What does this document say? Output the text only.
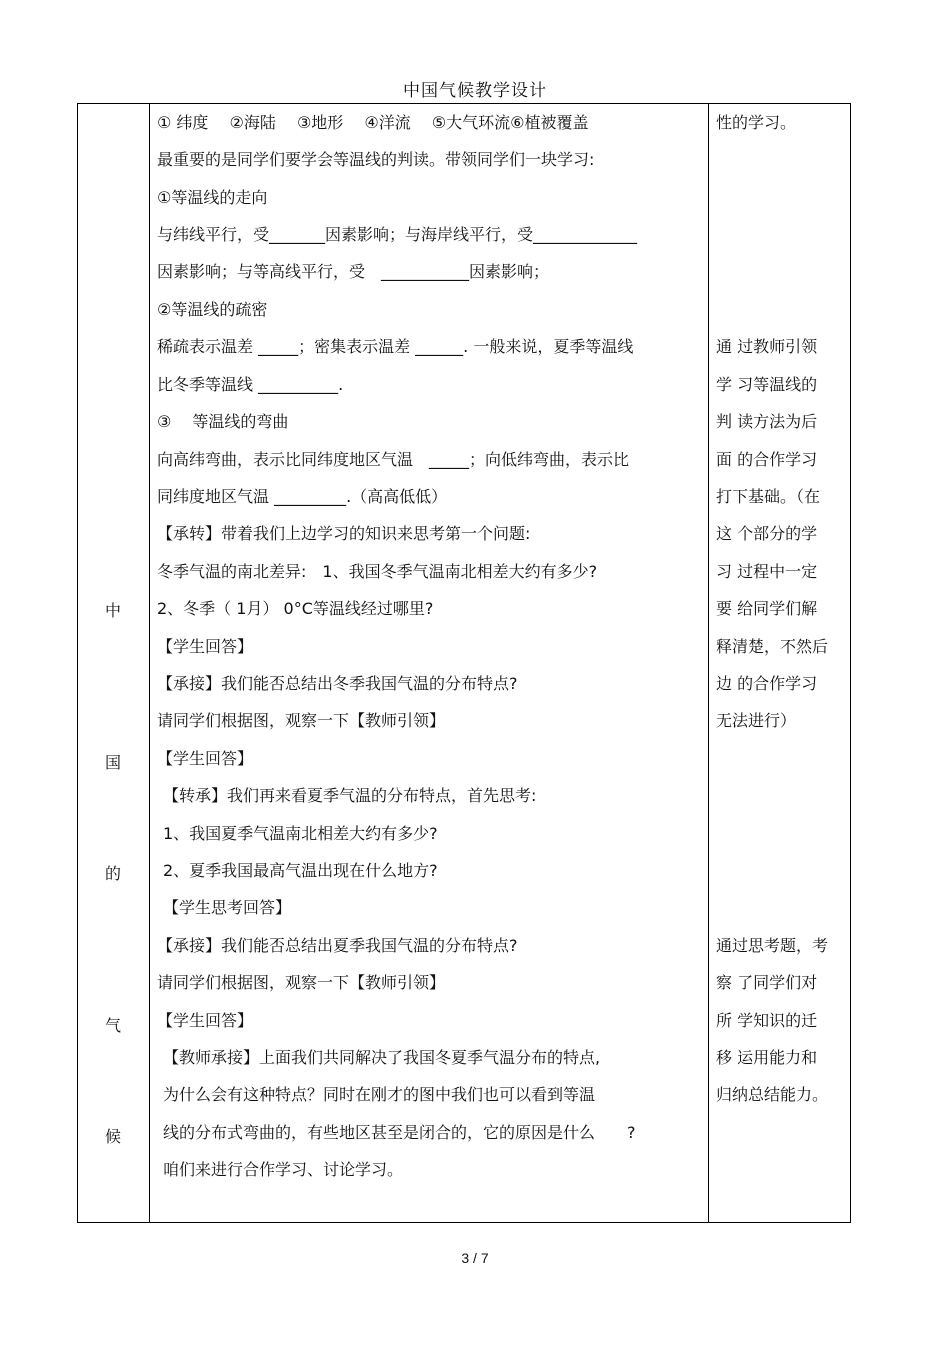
中国气候教学设计
中
国
的
气
候
① 纬度　 ②海陆　 ③地形　 ④洋流　 ⑤大气环流⑥植被覆盖
最重要的是同学们要学会等温线的判读。带领同学们一块学习:
①等温线的走向
与纬线平行，受_______因素影响；与海岸线平行，受_____________
因素影响；与等高线平行，受　___________因素影响；
②等温线的疏密
稀疏表示温差 _____；密集表示温差 ______. 一般来说，夏季等温线
比冬季等温线 __________.
③　 等温线的弯曲
向高纬弯曲，表示比同纬度地区气温　_____；向低纬弯曲，表示比
同纬度地区气温 _________.（高高低低）
【承转】带着我们上边学习的知识来思考第一个问题:
冬季气温的南北差异:　1、我国冬季气温南北相差大约有多少?
2、冬季（ 1月） 0°C等温线经过哪里?
【学生回答】
【承接】我们能否总结出冬季我国气温的分布特点?
请同学们根据图，观察一下【教师引领】
【学生回答】
【转承】我们再来看夏季气温的分布特点，首先思考:
1、我国夏季气温南北相差大约有多少?
2、夏季我国最高气温出现在什么地方?
【学生思考回答】
【承接】我们能否总结出夏季我国气温的分布特点?
请同学们根据图，观察一下【教师引领】
【学生回答】
【教师承接】上面我们共同解决了我国冬夏季气温分布的特点,
为什么会有这种特点？同时在刚才的图中我们也可以看到等温
线的分布式弯曲的，有些地区甚至是闭合的，它的原因是什么　　?
咱们来进行合作学习、讨论学习。
性的学习。
通 过教师引领
学 习等温线的
判 读方法为后
面 的合作学习
打下基础。（在
这 个部分的学
习 过程中一定
要 给同学们解
释清楚，不然后
边 的合作学习
无法进行）
通过思考题，考
察 了同学们对
所 学知识的迁
移 运用能力和
归纳总结能力。
3 / 7
